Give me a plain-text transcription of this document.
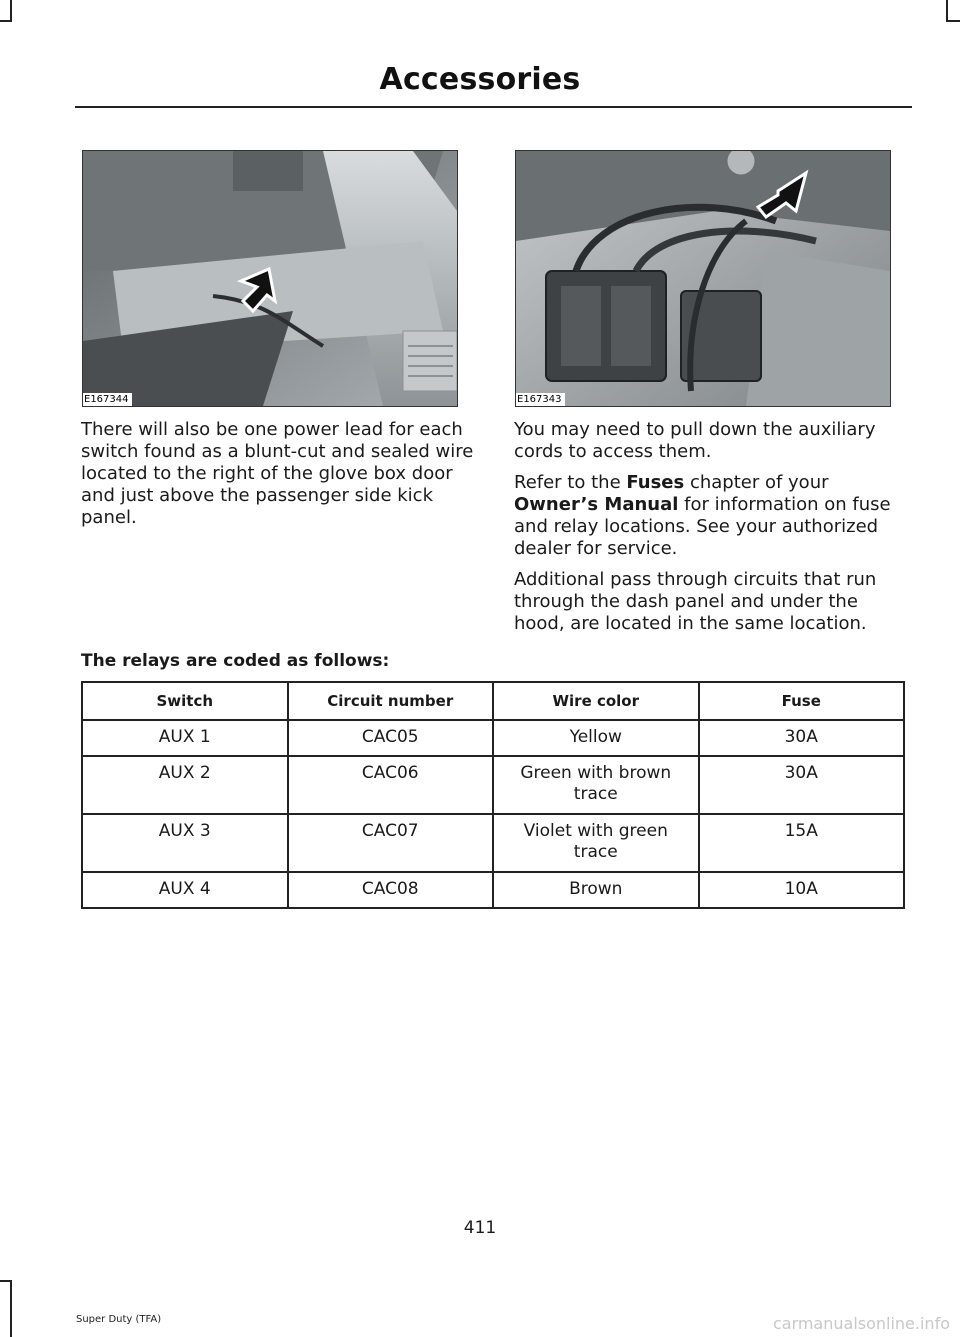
Accessories
E167344	E167343

There will also be one power lead for each switch found as a blunt-cut and sealed wire located to the right of the glove box door and just above the passenger side kick panel.

You may need to pull down the auxiliary cords to access them.

Refer to the Fuses chapter of your Owner’s Manual for information on fuse and relay locations. See your authorized dealer for service.

Additional pass through circuits that run through the dash panel and under the hood, are located in the same location.

The relays are coded as follows:
Switch	Circuit number	Wire color	Fuse
AUX 1	CAC05	Yellow	30A
AUX 2	CAC06	Green with brown trace	30A
AUX 3	CAC07	Violet with green trace	15A
AUX 4	CAC08	Brown	10A
411
Super Duty (TFA)	carmanualsonline.info
